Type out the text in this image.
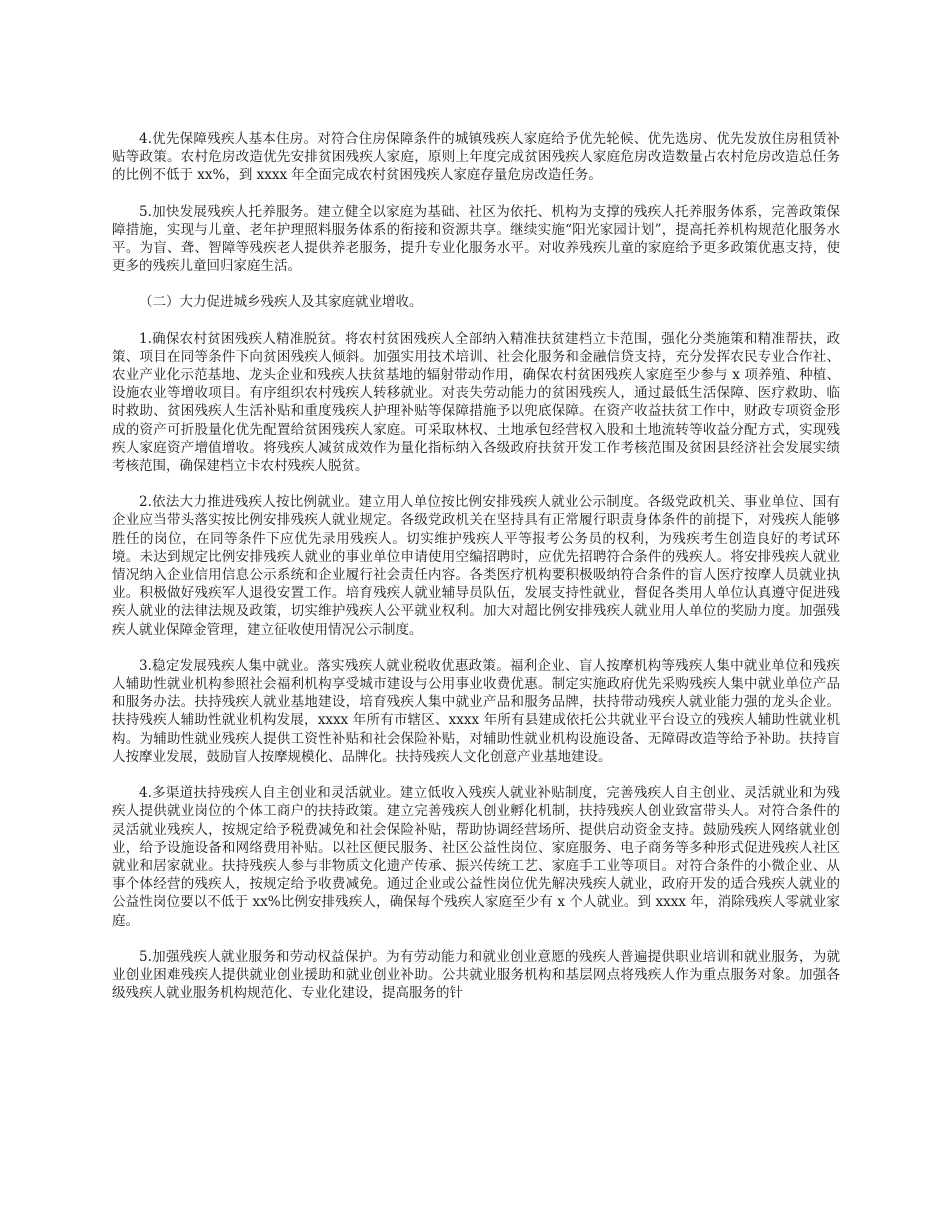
4.优先保障残疾人基本住房。对符合住房保障条件的城镇残疾人家庭给予优先轮候、优先选房、优先发放住房租赁补贴等政策。农村危房改造优先安排贫困残疾人家庭，原则上年度完成贫困残疾人家庭危房改造数量占农村危房改造总任务的比例不低于 xx%，到 xxxx 年全面完成农村贫困残疾人家庭存量危房改造任务。

5.加快发展残疾人托养服务。建立健全以家庭为基础、社区为依托、机构为支撑的残疾人托养服务体系，完善政策保障措施，实现与儿童、老年护理照料服务体系的衔接和资源共享。继续实施“阳光家园计划”，提高托养机构规范化服务水平。为盲、聋、智障等残疾老人提供养老服务，提升专业化服务水平。对收养残疾儿童的家庭给予更多政策优惠支持，使更多的残疾儿童回归家庭生活。

（二）大力促进城乡残疾人及其家庭就业增收。

1.确保农村贫困残疾人精准脱贫。将农村贫困残疾人全部纳入精准扶贫建档立卡范围，强化分类施策和精准帮扶，政策、项目在同等条件下向贫困残疾人倾斜。加强实用技术培训、社会化服务和金融信贷支持，充分发挥农民专业合作社、农业产业化示范基地、龙头企业和残疾人扶贫基地的辐射带动作用，确保农村贫困残疾人家庭至少参与 x 项养殖、种植、设施农业等增收项目。有序组织农村残疾人转移就业。对丧失劳动能力的贫困残疾人，通过最低生活保障、医疗救助、临时救助、贫困残疾人生活补贴和重度残疾人护理补贴等保障措施予以兜底保障。在资产收益扶贫工作中，财政专项资金形成的资产可折股量化优先配置给贫困残疾人家庭。可采取林权、土地承包经营权入股和土地流转等收益分配方式，实现残疾人家庭资产增值增收。将残疾人减贫成效作为量化指标纳入各级政府扶贫开发工作考核范围及贫困县经济社会发展实绩考核范围，确保建档立卡农村残疾人脱贫。

2.依法大力推进残疾人按比例就业。建立用人单位按比例安排残疾人就业公示制度。各级党政机关、事业单位、国有企业应当带头落实按比例安排残疾人就业规定。各级党政机关在坚持具有正常履行职责身体条件的前提下，对残疾人能够胜任的岗位，在同等条件下应优先录用残疾人。切实维护残疾人平等报考公务员的权利，为残疾考生创造良好的考试环境。未达到规定比例安排残疾人就业的事业单位申请使用空编招聘时，应优先招聘符合条件的残疾人。将安排残疾人就业情况纳入企业信用信息公示系统和企业履行社会责任内容。各类医疗机构要积极吸纳符合条件的盲人医疗按摩人员就业执业。积极做好残疾军人退役安置工作。培育残疾人就业辅导员队伍，发展支持性就业，督促各类用人单位认真遵守促进残疾人就业的法律法规及政策，切实维护残疾人公平就业权利。加大对超比例安排残疾人就业用人单位的奖励力度。加强残疾人就业保障金管理，建立征收使用情况公示制度。

3.稳定发展残疾人集中就业。落实残疾人就业税收优惠政策。福利企业、盲人按摩机构等残疾人集中就业单位和残疾人辅助性就业机构参照社会福利机构享受城市建设与公用事业收费优惠。制定实施政府优先采购残疾人集中就业单位产品和服务办法。扶持残疾人就业基地建设，培育残疾人集中就业产品和服务品牌，扶持带动残疾人就业能力强的龙头企业。扶持残疾人辅助性就业机构发展，xxxx 年所有市辖区、xxxx 年所有县建成依托公共就业平台设立的残疾人辅助性就业机构。为辅助性就业残疾人提供工资性补贴和社会保险补贴，对辅助性就业机构设施设备、无障碍改造等给予补助。扶持盲人按摩业发展，鼓励盲人按摩规模化、品牌化。扶持残疾人文化创意产业基地建设。

4.多渠道扶持残疾人自主创业和灵活就业。建立低收入残疾人就业补贴制度，完善残疾人自主创业、灵活就业和为残疾人提供就业岗位的个体工商户的扶持政策。建立完善残疾人创业孵化机制，扶持残疾人创业致富带头人。对符合条件的灵活就业残疾人，按规定给予税费减免和社会保险补贴，帮助协调经营场所、提供启动资金支持。鼓励残疾人网络就业创业，给予设施设备和网络费用补贴。以社区便民服务、社区公益性岗位、家庭服务、电子商务等多种形式促进残疾人社区就业和居家就业。扶持残疾人参与非物质文化遗产传承、振兴传统工艺、家庭手工业等项目。对符合条件的小微企业、从事个体经营的残疾人，按规定给予收费减免。通过企业或公益性岗位优先解决残疾人就业，政府开发的适合残疾人就业的公益性岗位要以不低于 xx%比例安排残疾人，确保每个残疾人家庭至少有 x 个人就业。到 xxxx 年，消除残疾人零就业家庭。

5.加强残疾人就业服务和劳动权益保护。为有劳动能力和就业创业意愿的残疾人普遍提供职业培训和就业服务，为就业创业困难残疾人提供就业创业援助和就业创业补助。公共就业服务机构和基层网点将残疾人作为重点服务对象。加强各级残疾人就业服务机构规范化、专业化建设，提高服务的针
